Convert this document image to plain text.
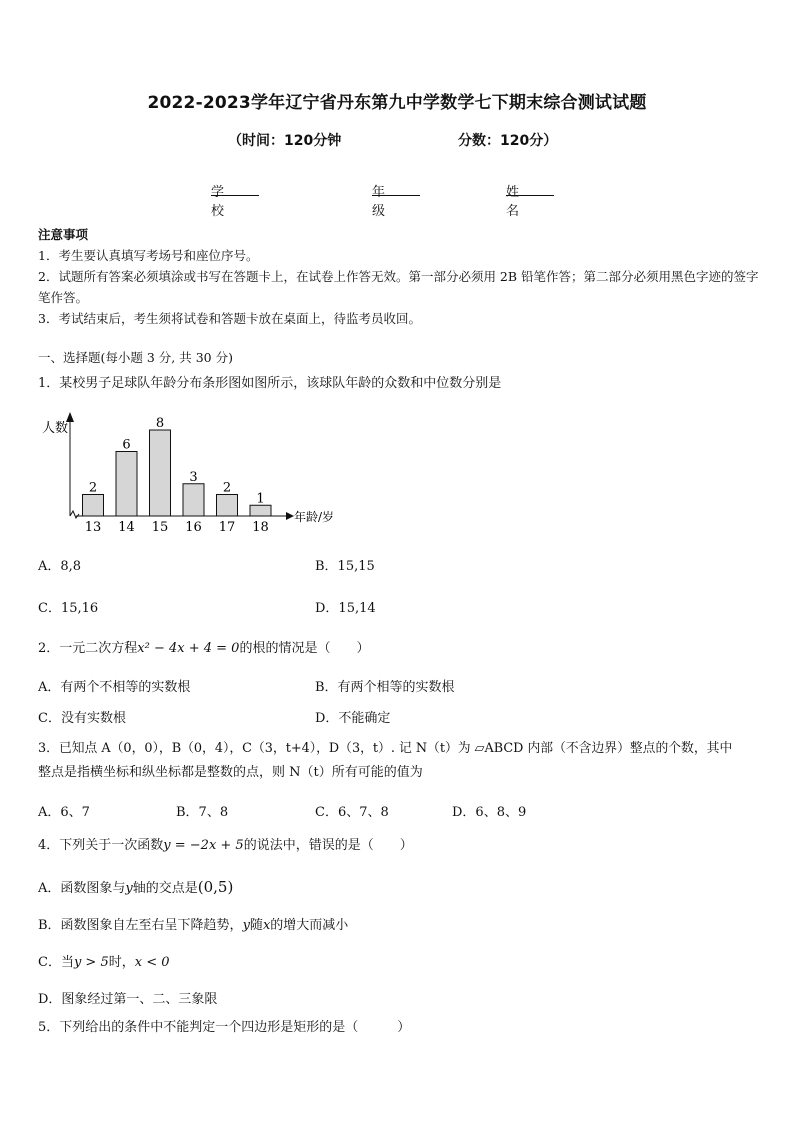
2022-2023学年辽宁省丹东第九中学数学七下期末综合测试试题
（时间：120分钟	分数：120分）
学校
年级
姓名
注意事项
1．考生要认真填写考场号和座位序号。
2．试题所有答案必须填涂或书写在答题卡上，在试卷上作答无效。第一部分必须用 2B 铅笔作答；第二部分必须用黑色字迹的签字笔作答。
3．考试结束后，考生须将试卷和答题卡放在桌面上，待监考员收回。
一、选择题(每小题 3 分, 共 30 分)
1．某校男子足球队年龄分布条形图如图所示，该球队年龄的众数和中位数分别是
人数
年龄/岁
2
13
6
14
8
15
3
16
2
17
1
18
A．8,8	B．15,15
C．15,16	D．15,14
2．一元二次方程x² − 4x + 4 = 0的根的情况是（　　）
A．有两个不相等的实数根	B．有两个相等的实数根
C．没有实数根	D．不能确定
3．已知点 A（0，0），B（0，4），C（3，t+4），D（3，t）. 记 N（t）为 ▱ABCD 内部（不含边界）整点的个数，其中
整点是指横坐标和纵坐标都是整数的点，则 N（t）所有可能的值为
A．6、7	B．7、8	C．6、7、8	D．6、8、9
4．下列关于一次函数y = −2x + 5的说法中，错误的是（　　）
A．函数图象与y轴的交点是(0,5)
B．函数图象自左至右呈下降趋势，y随x的增大而减小
C．当y > 5时，x < 0
D．图象经过第一、二、三象限
5．下列给出的条件中不能判定一个四边形是矩形的是（　　　）
